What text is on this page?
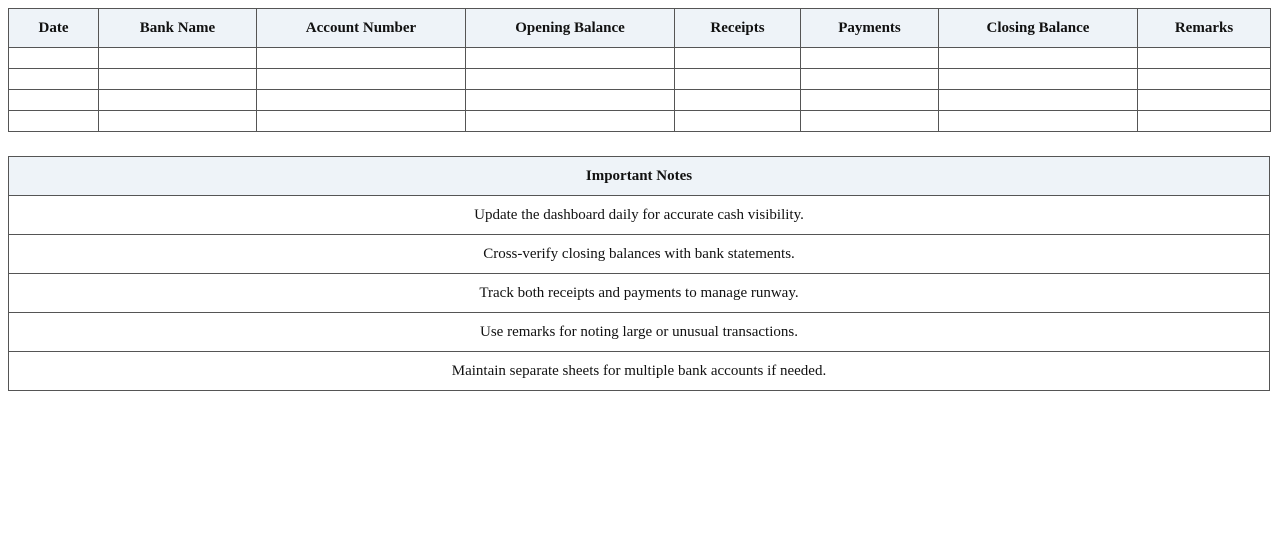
Date	Bank Name	Account Number	Opening Balance	Receipts	Payments	Closing Balance	Remarks

Important Notes
Update the dashboard daily for accurate cash visibility.
Cross-verify closing balances with bank statements.
Track both receipts and payments to manage runway.
Use remarks for noting large or unusual transactions.
Maintain separate sheets for multiple bank accounts if needed.
